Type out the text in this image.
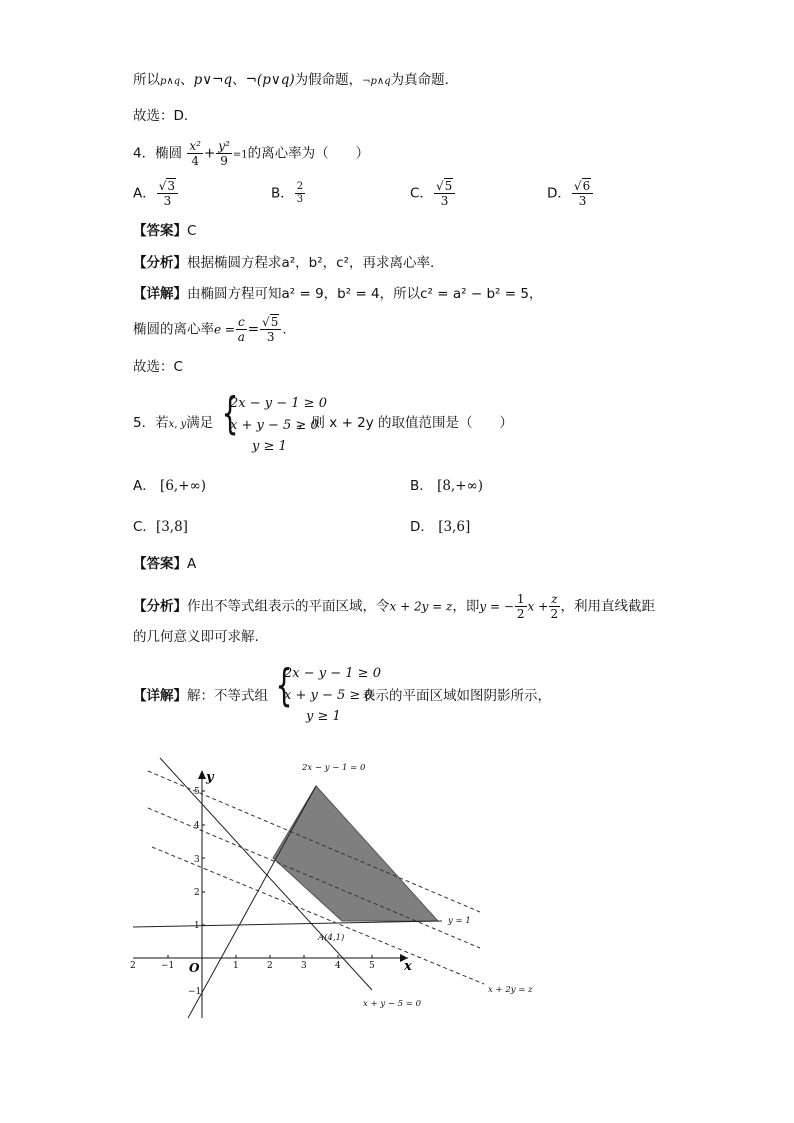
所以p∧q、p∨¬q、¬(p∨q)为假命题，¬p∧q为真命题．
故选：D．
4．椭圆 $\frac{\text{x²}}{4} + \frac{\text{y²}}{9} =1$的离心率为（　　）
A． $\frac{√3}{3}$	B． $\frac{2}{3}$	C． $\frac{√5}{3}$	D． $\frac{√6}{3}$
【答案】C
【分析】根据椭圆方程求a²，b²，c²，再求离心率.
【详解】由椭圆方程可知a² = 9，b² = 4，所以c² = a² − b² = 5，
椭圆的离心率$e = \frac{c}{a} = \frac{√5}{3}$ .
故选：C
5．若x, y满足 {
2x − y − 1 ≥ 0
x + y − 5 ≥ 0
y ≥ 1
，则 x + 2y 的取值范围是（　　）
A． [6,+∞)	B． [8,+∞)
C．[3,8]	D． [3,6]
【答案】A
【分析】作出不等式组表示的平面区域，令x + 2y = z，即y = − $\frac{1}{2}$ $x + \frac{z}{2}$ ，利用直线截距
的几何意义即可求解.
【详解】解：不等式组 {
2x − y − 1 ≥ 0
x + y − 5 ≥ 0
y ≥ 1
表示的平面区域如图阴影所示，
x
y
O
2	−1	1	2	3	4	5
5
4
3
2
1
−1
2x − y − 1 = 0
y = 1
x + 2y = z
x + y − 5 = 0
A(4,1)
